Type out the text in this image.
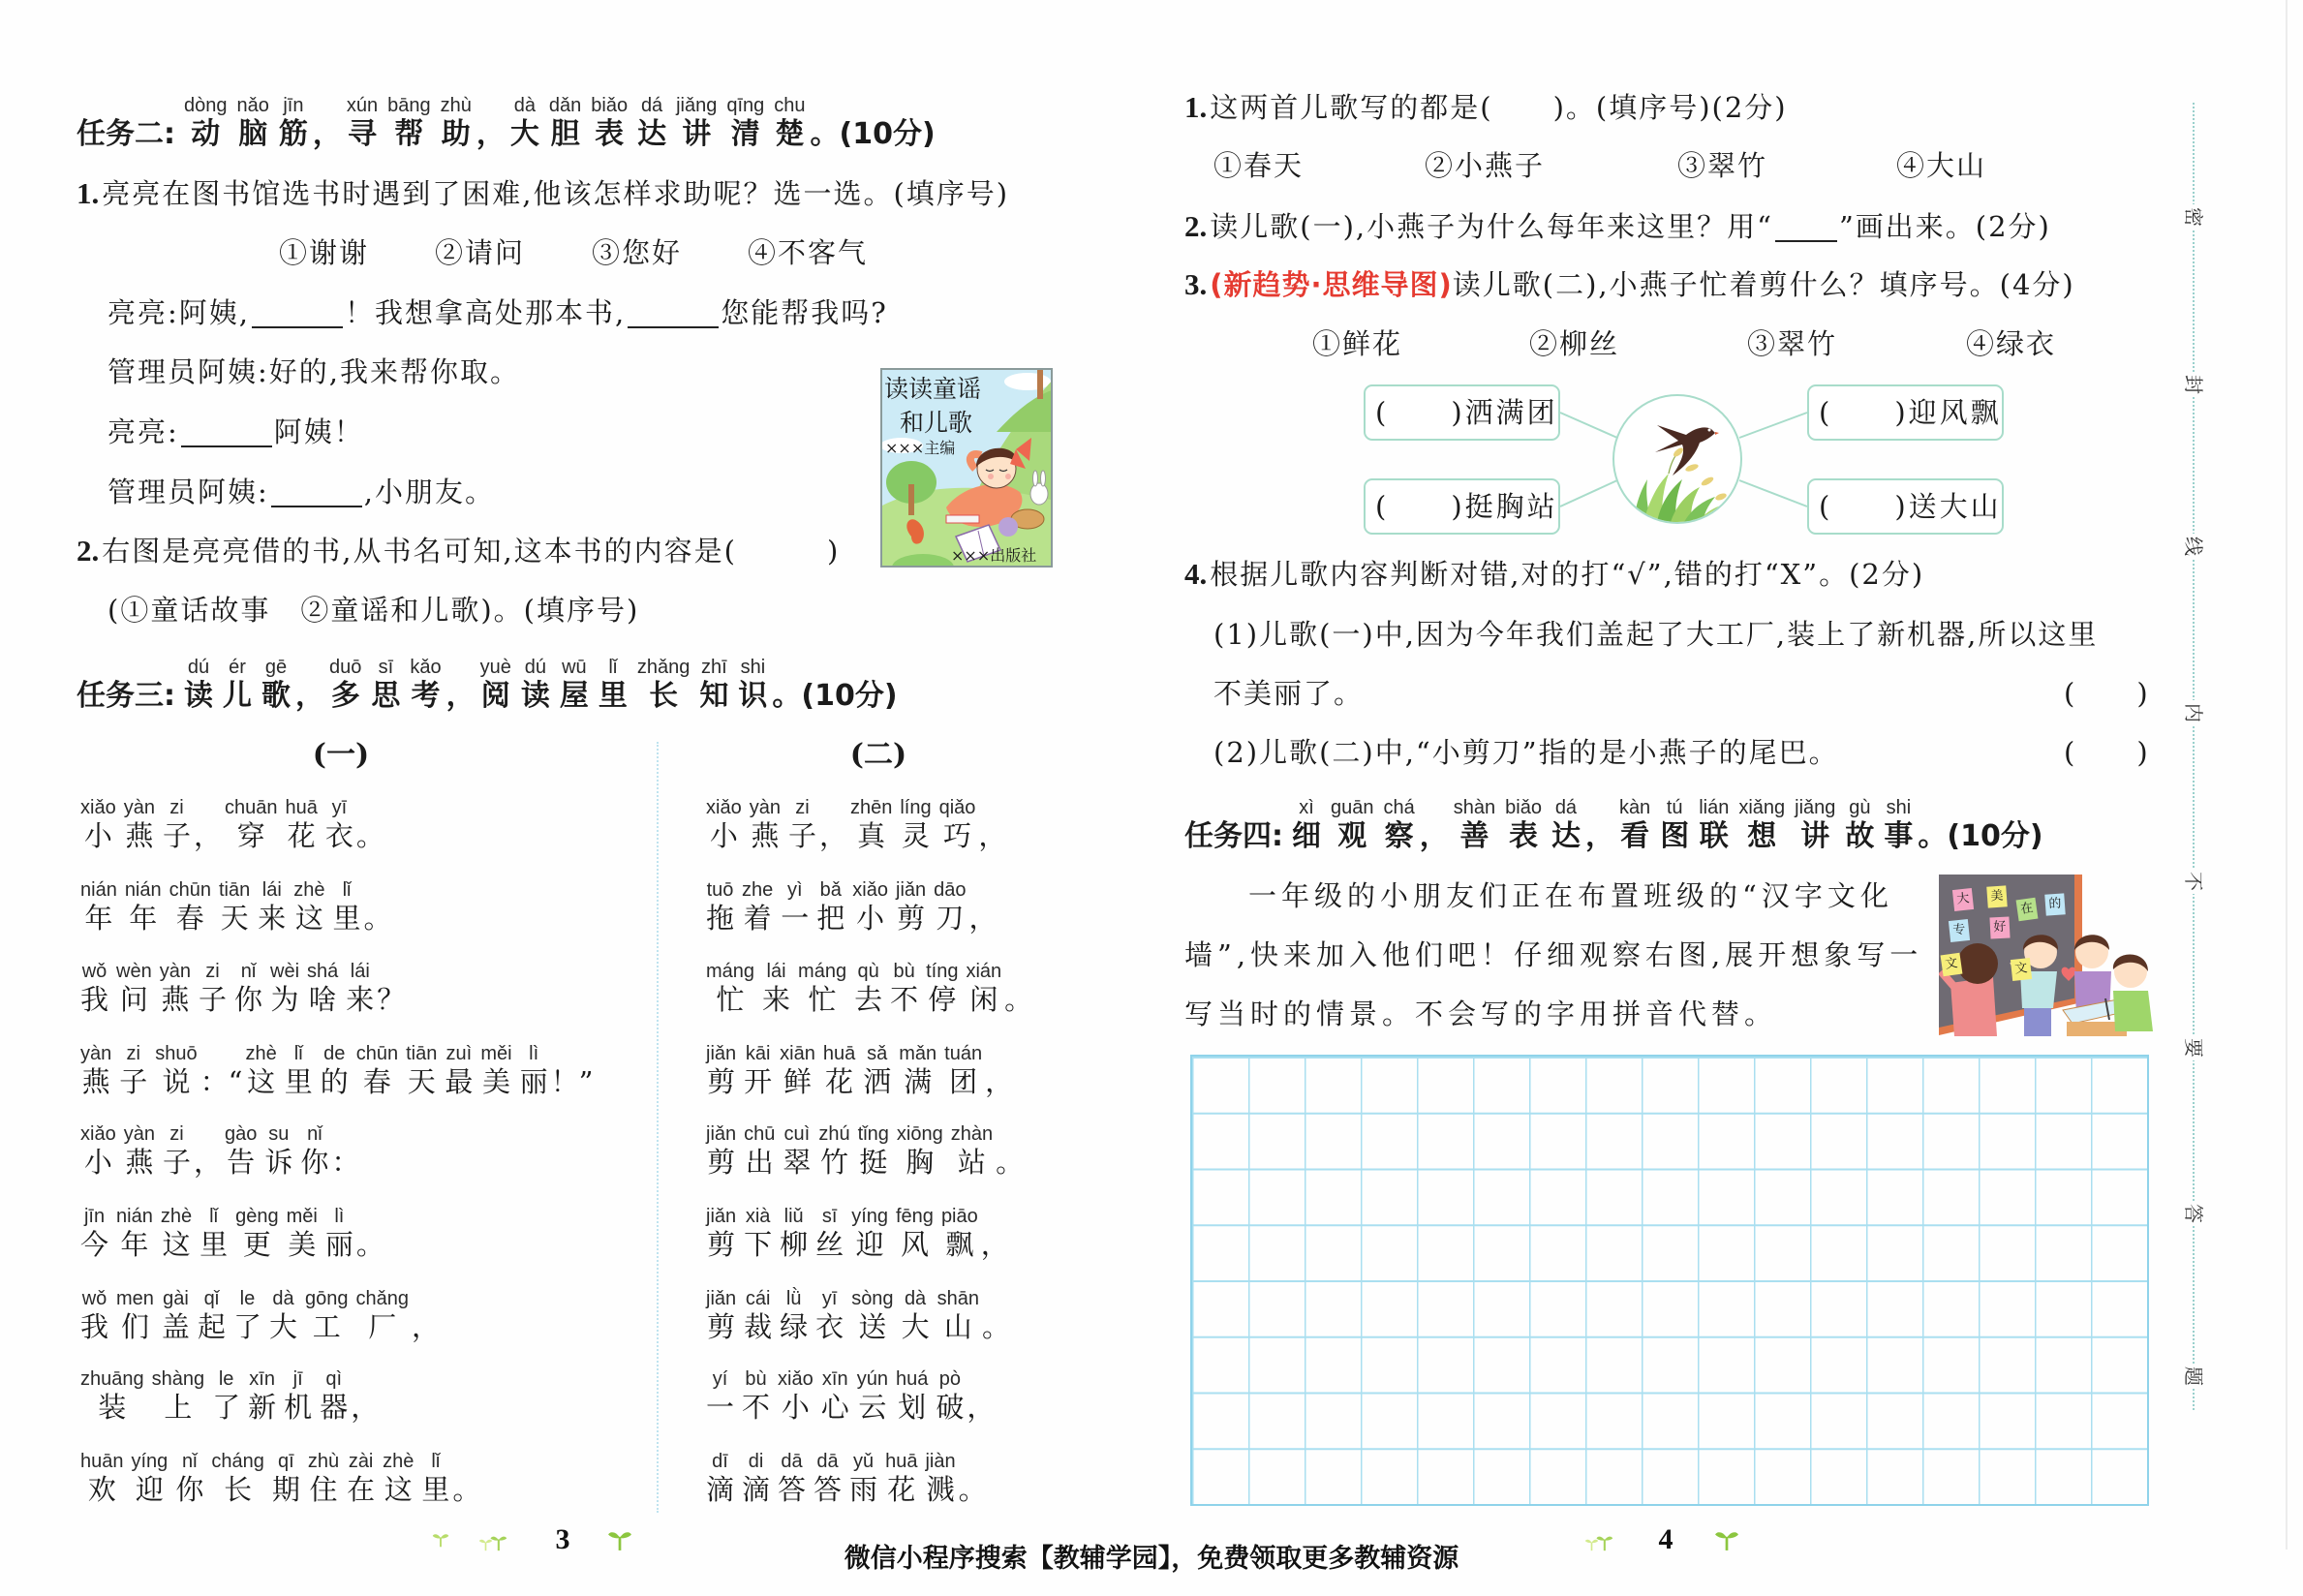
任务二:
dòng
动
nǎo
脑
jīn
筋 ，
xún
寻
bāng
帮
zhù
助 ，
dà
大
dǎn
胆
biǎo
表
dá
达
jiǎng
讲
qīng
清
chu
楚 。(10分)
1. 亮亮在图书馆选书时遇到了困难,他该怎样求助呢？选一选。(填序号)
①谢谢 ②请问 ③您好 ④不客气
亮亮:阿姨,	！我想拿高处那本书,	您能帮我吗?
管理员阿姨:好的,我来帮你取。
亮亮:	阿姨！
管理员阿姨:	,小朋友。
2. 右图是亮亮借的书,从书名可知,这本书的内容是(　　　)
(①童话故事　②童谣和儿歌)。(填序号)
读读童谣
和儿歌
×××主编
×××出版社
任务三:
dú
读
ér
儿
gē
歌 ，
duō
多
sī
思
kǎo
考 ，
yuè
阅
dú
读
wū
屋
lǐ
里
zhǎng
长
zhī
知
shi
识 。(10分)
(一)	(二)
xiǎo
小
yàn
燕
zi
子 ，
chuān
穿
huā
花
yī
衣 。
nián
年
nián
年
chūn
春
tiān
天
lái
来
zhè
这
lǐ
里 。
wǒ
我
wèn
问
yàn
燕
zi
子
nǐ
你
wèi
为
shá
啥
lái
来 ？
yàn
燕
zi
子
shuō
说 ：“
zhè
这
lǐ
里
de
的
chūn
春
tiān
天
zuì
最
měi
美
lì
丽 ！”
xiǎo
小
yàn
燕
zi
子 ，
gào
告
su
诉
nǐ
你 ：
jīn
今
nián
年
zhè
这
lǐ
里
gèng
更
měi
美
lì
丽 。
wǒ
我
men
们
gài
盖
qǐ
起
le
了
dà
大
gōng
工
chǎng
厂 ，
zhuāng
装
shàng
上
le
了
xīn
新
jī
机
qì
器 ，
huān
欢
yíng
迎
nǐ
你
cháng
长
qī
期
zhù
住
zài
在
zhè
这
lǐ
里 。
xiǎo
小
yàn
燕
zi
子 ，
zhēn
真
líng
灵
qiǎo
巧 ，
tuō
拖
zhe
着
yì
一
bǎ
把
xiǎo
小
jiǎn
剪
dāo
刀 ，
máng
忙
lái
来
máng
忙
qù
去
bù
不
tíng
停
xián
闲 。
jiǎn
剪
kāi
开
xiān
鲜
huā
花
sǎ
洒
mǎn
满
tuán
团 ，
jiǎn
剪
chū
出
cuì
翠
zhú
竹
tǐng
挺
xiōng
胸
zhàn
站 。
jiǎn
剪
xià
下
liǔ
柳
sī
丝
yíng
迎
fēng
风
piāo
飘 ，
jiǎn
剪
cái
裁
lǜ
绿
yī
衣
sòng
送
dà
大
shān
山 。
yí
一
bù
不
xiǎo
小
xīn
心
yún
云
huá
划
pò
破 ，
dī
滴
di
滴
dā
答
dā
答
yǔ
雨
huā
花
jiàn
溅 。
3
1. 这两首儿歌写的都是(　　)。(填序号)(2分)
①春天	②小燕子	③翠竹	④大山
2. 读儿歌(一),小燕子为什么每年来这里？用“ ”画出来。(2分)
3. (新趋势·思维导图)读儿歌(二),小燕子忙着剪什么？填序号。(4分)
①鲜花	②柳丝	③翠竹	④绿衣
(　　)洒满团
(　　)挺胸站
(　　)迎风飘
(　　)送大山
4. 根据儿歌内容判断对错,对的打“√”,错的打“X”。(2分)
(1)儿歌(一)中,因为今年我们盖起了大工厂,装上了新机器,所以这里
不美丽了。	(　　)
(2)儿歌(二)中,“小剪刀”指的是小燕子的尾巴。	(　　)
任务四:
xì
细
guān
观
chá
察 ，
shàn
善
biǎo
表
dá
达 ，
kàn
看
tú
图
lián
联
xiǎng
想
jiǎng
讲
gù
故
shi
事 。(10分)
一年级的小朋友们正在布置班级的“汉字文化
墙”,快来加入他们吧！仔细观察右图,展开想象写一
写当时的情景。不会写的字用拼音代替。
大 美
在	的
专 好
文	文
密
封
线
内
不
要
答
题
4
微信小程序搜索【教辅学园】，免费领取更多教辅资源
